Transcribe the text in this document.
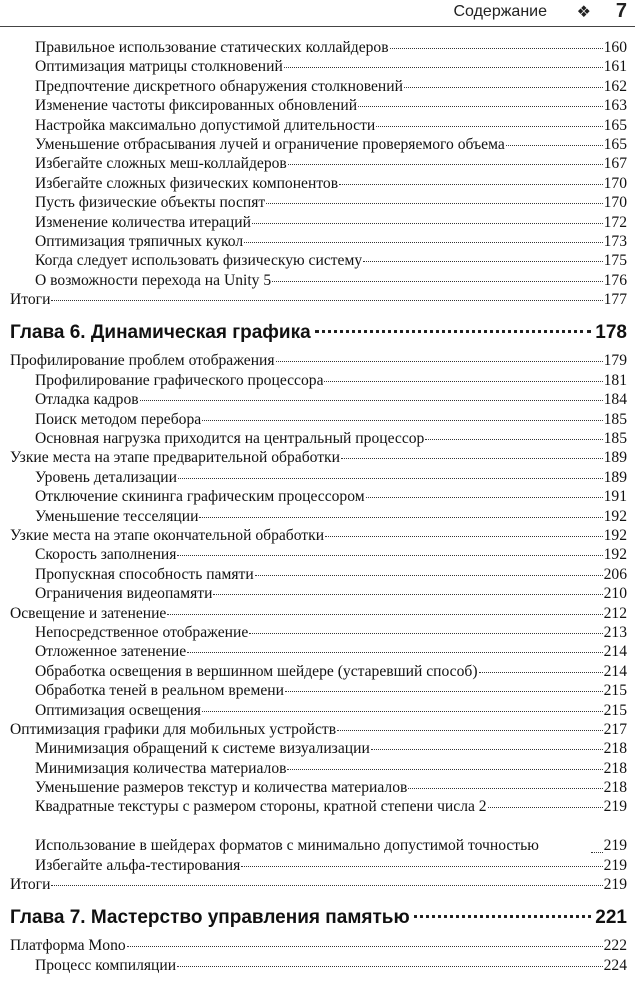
Содержание ❖ 7
Правильное использование статических коллайдеров	160
Оптимизация матрицы столкновений	161
Предпочтение дискретного обнаружения столкновений	162
Изменение частоты фиксированных обновлений	163
Настройка максимально допустимой длительности	165
Уменьшение отбрасывания лучей и ограничение проверяемого объема	165
Избегайте сложных меш-коллайдеров	167
Избегайте сложных физических компонентов	170
Пусть физические объекты поспят	170
Изменение количества итераций	172
Оптимизация тряпичных кукол	173
Когда следует использовать физическую систему	175
О возможности перехода на Unity 5	176
Итоги	177
Глава 6. Динамическая графика	178
Профилирование проблем отображения	179
Профилирование графического процессора	181
Отладка кадров	184
Поиск методом перебора	185
Основная нагрузка приходится на центральный процессор	185
Узкие места на этапе предварительной обработки	189
Уровень детализации	189
Отключение скининга графическим процессором	191
Уменьшение тесселяции	192
Узкие места на этапе окончательной обработки	192
Скорость заполнения	192
Пропускная способность памяти	206
Ограничения видеопамяти	210
Освещение и затенение	212
Непосредственное отображение	213
Отложенное затенение	214
Обработка освещения в вершинном шейдере (устаревший способ)	214
Обработка теней в реальном времени	215
Оптимизация освещения	215
Оптимизация графики для мобильных устройств	217
Минимизация обращений к системе визуализации	218
Минимизация количества материалов	218
Уменьшение размеров текстур и количества материалов	218
Квадратные текстуры с размером стороны, кратной степени числа 2	219
Использование в шейдерах форматов с минимально допустимой точностью	219
Избегайте альфа-тестирования	219
Итоги	219
Глава 7. Мастерство управления памятью	221
Платформа Mono	222
Процесс компиляции	224
